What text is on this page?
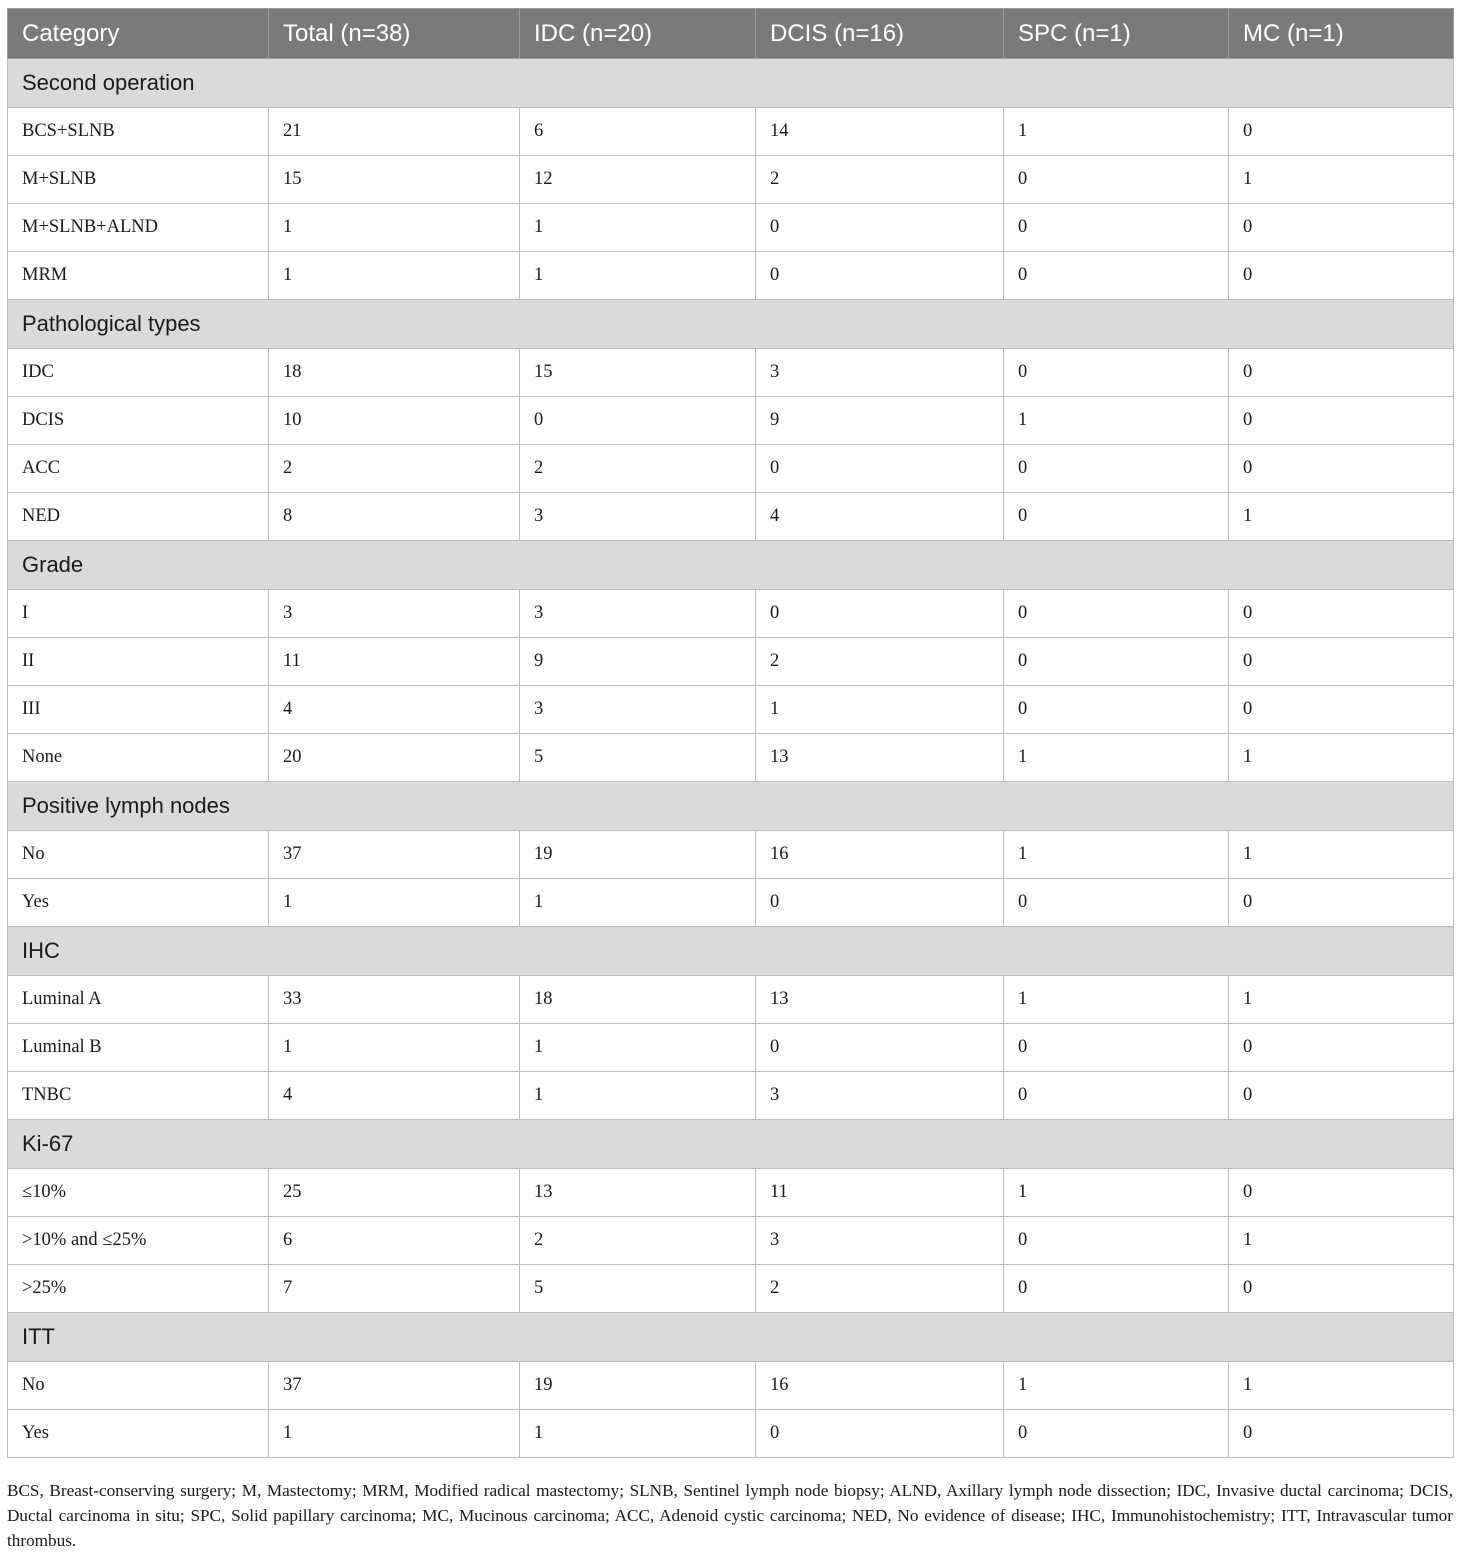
Category	Total (n=38)	IDC (n=20)	DCIS (n=16)	SPC (n=1)	MC (n=1)
Second operation					
BCS+SLNB	21	6	14	1	0
M+SLNB	15	12	2	0	1
M+SLNB+ALND	1	1	0	0	0
MRM	1	1	0	0	0
Pathological types					
IDC	18	15	3	0	0
DCIS	10	0	9	1	0
ACC	2	2	0	0	0
NED	8	3	4	0	1
Grade					
I	3	3	0	0	0
II	11	9	2	0	0
III	4	3	1	0	0
None	20	5	13	1	1
Positive lymph nodes					
No	37	19	16	1	1
Yes	1	1	0	0	0
IHC					
Luminal A	33	18	13	1	1
Luminal B	1	1	0	0	0
TNBC	4	1	3	0	0
Ki-67					
≤10%	25	13	11	1	0
>10% and ≤25%	6	2	3	0	1
>25%	7	5	2	0	0
ITT					
No	37	19	16	1	1
Yes	1	1	0	0	0

BCS, Breast-conserving surgery; M, Mastectomy; MRM, Modified radical mastectomy; SLNB, Sentinel lymph node biopsy; ALND, Axillary lymph node dissection; IDC, Invasive ductal carcinoma; DCIS, Ductal carcinoma in situ; SPC, Solid papillary carcinoma; MC, Mucinous carcinoma; ACC, Adenoid cystic carcinoma; NED, No evidence of disease; IHC, Immunohistochemistry; ITT, Intravascular tumor thrombus.
